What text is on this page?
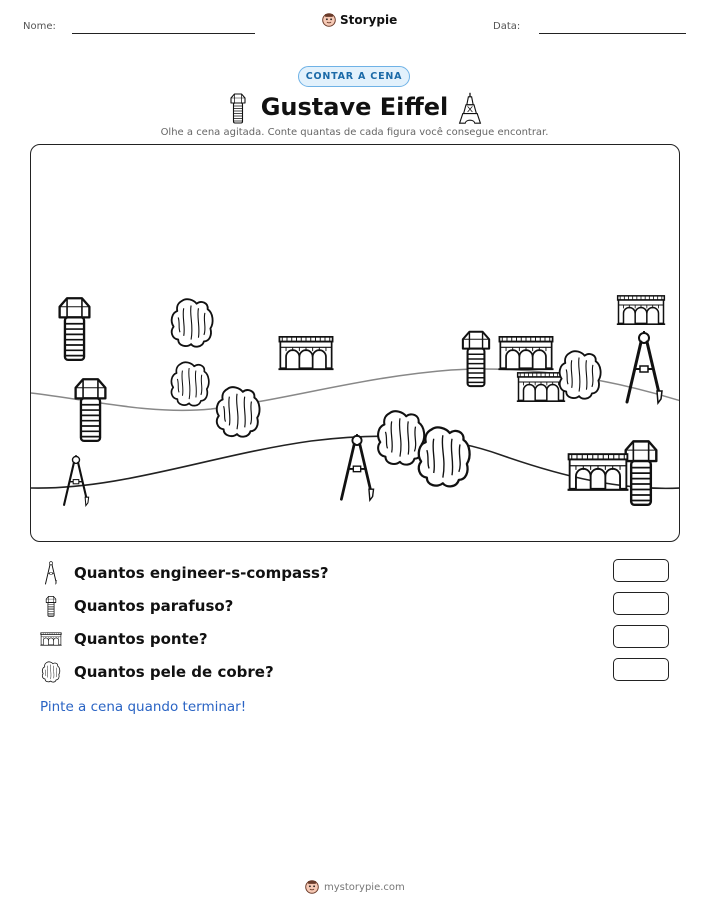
Nome:	Storypie	Data:
CONTAR A CENA
Gustave Eiffel
Olhe a cena agitada. Conte quantas de cada figura você consegue encontrar.
Quantos engineer-s-compass?
Quantos parafuso?
Quantos ponte?
Quantos pele de cobre?
Pinte a cena quando terminar!
mystorypie.com
